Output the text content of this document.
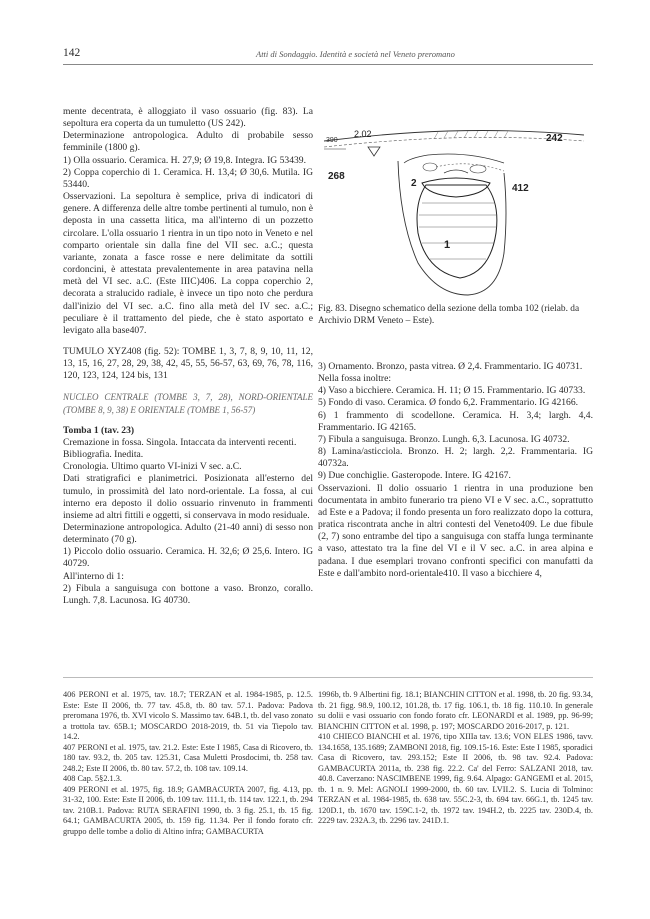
142	Atti di Sondaggio. Identità e società nel Veneto preromano
390
2.02	242
268
412
2
1
Fig. 83. Disegno schematico della sezione della tomba 102 (rielab. da Archivio DRM Veneto – Este).

mente decentrata, è alloggiato il vaso ossuario (fig. 83). La sepoltura era coperta da un tumuletto (US 242).

Determinazione antropologica. Adulto di probabile sesso femminile (1800 g).

1) Olla ossuario. Ceramica. H. 27,9; Ø 19,8. Integra. IG 53439.

2) Coppa coperchio di 1. Ceramica. H. 13,4; Ø 30,6. Mutila. IG 53440.

Osservazioni. La sepoltura è semplice, priva di indicatori di genere. A differenza delle altre tombe pertinenti al tumulo, non è deposta in una cassetta litica, ma all'interno di un pozzetto circolare. L'olla ossuario 1 rientra in un tipo noto in Veneto e nel comparto orientale sin dalla fine del VII sec. a.C.; questa variante, zonata a fasce rosse e nere delimitate da sottili cordoncini, è attestata prevalentemente in area patavina nella metà del VI sec. a.C. (Este IIIC)406. La coppa coperchio 2, decorata a stralucido radiale, è invece un tipo noto che perdura dall'inizio del VI sec. a.C. fino alla metà del IV sec. a.C.; peculiare è il trattamento del piede, che è stato asportato e levigato alla base407.

TUMULO XYZ408 (fig. 52): TOMBE 1, 3, 7, 8, 9, 10, 11, 12, 13, 15, 16, 27, 28, 29, 38, 42, 45, 55, 56-57, 63, 69, 76, 78, 116, 120, 123, 124, 124 bis, 131

NUCLEO CENTRALE (TOMBE 3, 7, 28), NORD-ORIENTALE (TOMBE 8, 9, 38) E ORIENTALE (TOMBE 1, 56-57)

Tomba 1 (tav. 23)

Cremazione in fossa. Singola. Intaccata da interventi recenti.

Bibliografia. Inedita.

Cronologia. Ultimo quarto VI-inizi V sec. a.C.

Dati stratigrafici e planimetrici. Posizionata all'esterno del tumulo, in prossimità del lato nord-orientale. La fossa, al cui interno era deposto il dolio ossuario rinvenuto in frammenti insieme ad altri fittili e oggetti, si conservava in modo residuale.

Determinazione antropologica. Adulto (21-40 anni) di sesso non determinato (70 g).

1) Piccolo dolio ossuario. Ceramica. H. 32,6; Ø 25,6. Intero. IG 40729.

All'interno di 1:

2) Fibula a sanguisuga con bottone a vaso. Bronzo, corallo. Lungh. 7,8. Lacunosa. IG 40730.

3) Ornamento. Bronzo, pasta vitrea. Ø 2,4. Frammentario. IG 40731.

Nella fossa inoltre:

4) Vaso a bicchiere. Ceramica. H. 11; Ø 15. Frammentario. IG 40733.

5) Fondo di vaso. Ceramica. Ø fondo 6,2. Frammentario. IG 42166.

6) 1 frammento di scodellone. Ceramica. H. 3,4; largh. 4,4. Frammentario. IG 42165.

7) Fibula a sanguisuga. Bronzo. Lungh. 6,3. Lacunosa. IG 40732.

8) Lamina/asticciola. Bronzo. H. 2; largh. 2,2. Frammentaria. IG 40732a.

9) Due conchiglie. Gasteropode. Intere. IG 42167.

Osservazioni. Il dolio ossuario 1 rientra in una produzione ben documentata in ambito funerario tra pieno VI e V sec. a.C., soprattutto ad Este e a Padova; il fondo presenta un foro realizzato dopo la cottura, pratica riscontrata anche in altri contesti del Veneto409. Le due fibule (2, 7) sono entrambe del tipo a sanguisuga con staffa lunga terminante a vaso, attestato tra la fine del VI e il V sec. a.C. in area alpina e padana. I due esemplari trovano confronti specifici con manufatti da Este e dall'ambito nord-orientale410. Il vaso a bicchiere 4,

406 PERONI et al. 1975, tav. 18.7; TERZAN et al. 1984-1985, p. 12.5. Este: Este II 2006, tb. 77 tav. 45.8, tb. 80 tav. 57.1. Padova: Padova preromana 1976, tb. XVI vicolo S. Massimo tav. 64B.1, tb. del vaso zonato a trottola tav. 65B.1; MOSCARDO 2018-2019, tb. 51 via Tiepolo tav. 14.2.

407 PERONI et al. 1975, tav. 21.2. Este: Este I 1985, Casa di Ricovero, tb. 180 tav. 93.2, tb. 205 tav. 125.31, Casa Muletti Prosdocimi, tb. 258 tav. 248.2; Este II 2006, tb. 80 tav. 57.2, tb. 108 tav. 109.14.

408 Cap. 5§2.1.3.

409 PERONI et al. 1975, fig. 18.9; GAMBACURTA 2007, fig. 4.13, pp. 31-32, 100. Este: Este II 2006, tb. 109 tav. 111.1, tb. 114 tav. 122.1, tb. 294 tav. 210B.1. Padova: RUTA SERAFINI 1990, tb. 3 fig. 25.1, tb. 15 fig. 64.1; GAMBACURTA 2005, tb. 159 fig. 11.34. Per il fondo forato cfr. gruppo delle tombe a dolio di Altino infra; GAMBACURTA

1996b, tb. 9 Albertini fig. 18.1; BIANCHIN CITTON et al. 1998, tb. 20 fig. 93.34, tb. 21 figg. 98.9, 100.12, 101.28, tb. 17 fig. 106.1, tb. 18 fig. 110.10. In generale su dolii e vasi ossuario con fondo forato cfr. LEONARDI et al. 1989, pp. 96-99; BIANCHIN CITTON et al. 1998, p. 197; MOSCARDO 2016-2017, p. 121.

410 CHIECO BIANCHI et al. 1976, tipo XIIIa tav. 13.6; VON ELES 1986, tavv. 134.1658, 135.1689; ZAMBONI 2018, fig. 109.15-16. Este: Este I 1985, sporadici Casa di Ricovero, tav. 293.152; Este II 2006, tb. 98 tav. 92.4. Padova: GAMBACURTA 2011a, tb. 238 fig. 22.2. Ca' del Ferro: SALZANI 2018, tav. 40.8. Caverzano: NASCIMBENE 1999, fig. 9.64. Alpago: GANGEMI et al. 2015, tb. 1 n. 9. Mel: AGNOLI 1999-2000, tb. 60 tav. LVII.2. S. Lucia di Tolmino: TERZAN et al. 1984-1985, tb. 638 tav. 55C.2-3, tb. 694 tav. 66G.1, tb. 1245 tav. 120D.1, tb. 1670 tav. 159C.1-2, tb. 1972 tav. 194H.2, tb. 2225 tav. 230D.4, tb. 2229 tav. 232A.3, tb. 2296 tav. 241D.1.
